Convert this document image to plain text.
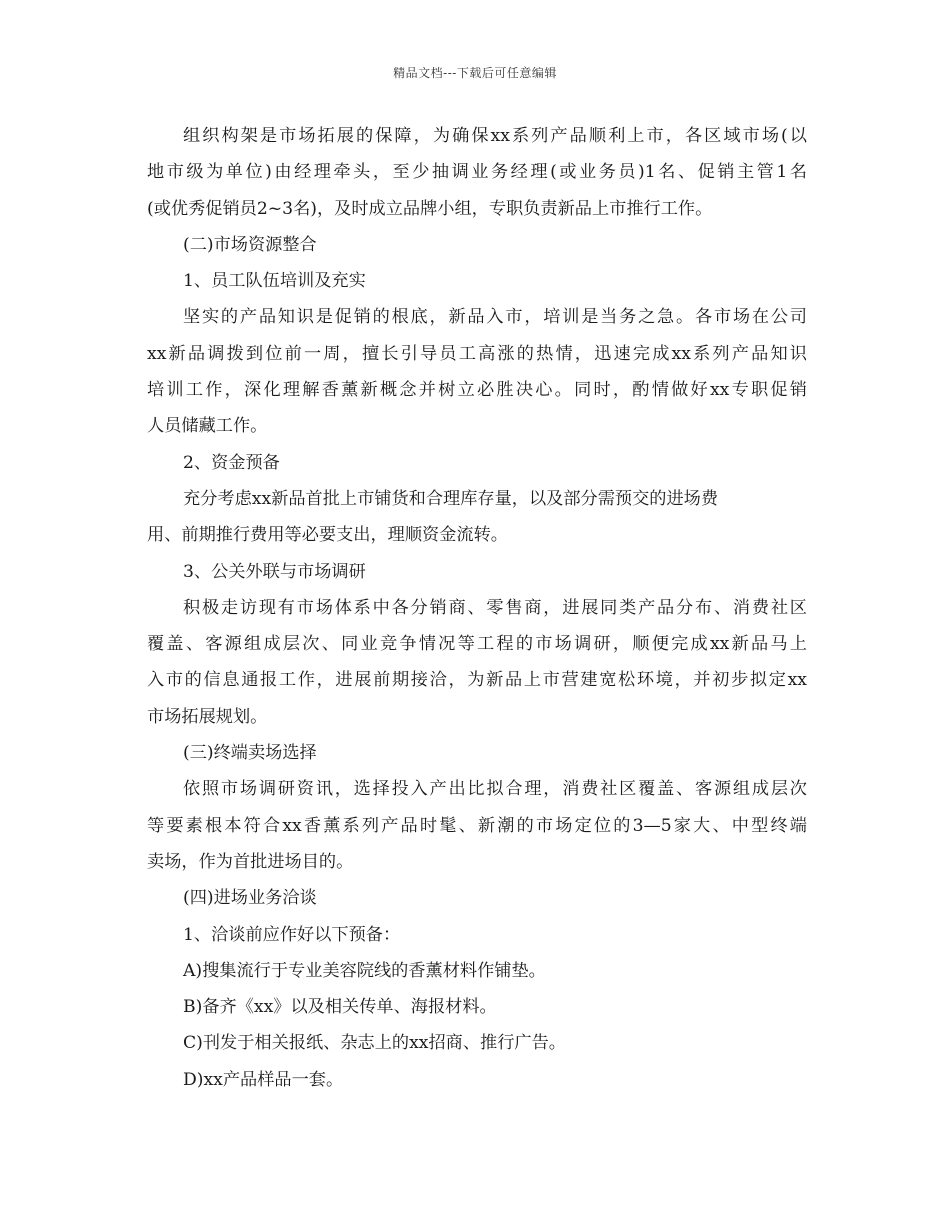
精品文档---下载后可任意编辑
组织构架是市场拓展的保障，为确保xx系列产品顺利上市，各区域市场(以
地市级为单位)由经理牵头，至少抽调业务经理(或业务员)1名、促销主管1名
(或优秀促销员2~3名)，及时成立品牌小组，专职负责新品上市推行工作。
(二)市场资源整合
1、员工队伍培训及充实
坚实的产品知识是促销的根底，新品入市，培训是当务之急。各市场在公司
xx新品调拨到位前一周，擅长引导员工高涨的热情，迅速完成xx系列产品知识
培训工作，深化理解香薰新概念并树立必胜决心。同时，酌情做好xx专职促销
人员储藏工作。
2、资金预备
充分考虑xx新品首批上市铺货和合理库存量，以及部分需预交的进场费
用、前期推行费用等必要支出，理顺资金流转。
3、公关外联与市场调研
积极走访现有市场体系中各分销商、零售商，进展同类产品分布、消费社区
覆盖、客源组成层次、同业竞争情况等工程的市场调研，顺便完成xx新品马上
入市的信息通报工作，进展前期接洽，为新品上市营建宽松环境，并初步拟定xx
市场拓展规划。
(三)终端卖场选择
依照市场调研资讯，选择投入产出比拟合理，消费社区覆盖、客源组成层次
等要素根本符合xx香薰系列产品时髦、新潮的市场定位的3—5家大、中型终端
卖场，作为首批进场目的。
(四)进场业务洽谈
1、洽谈前应作好以下预备：
A)搜集流行于专业美容院线的香薰材料作铺垫。
B)备齐《xx》以及相关传单、海报材料。
C)刊发于相关报纸、杂志上的xx招商、推行广告。
D)xx产品样品一套。
